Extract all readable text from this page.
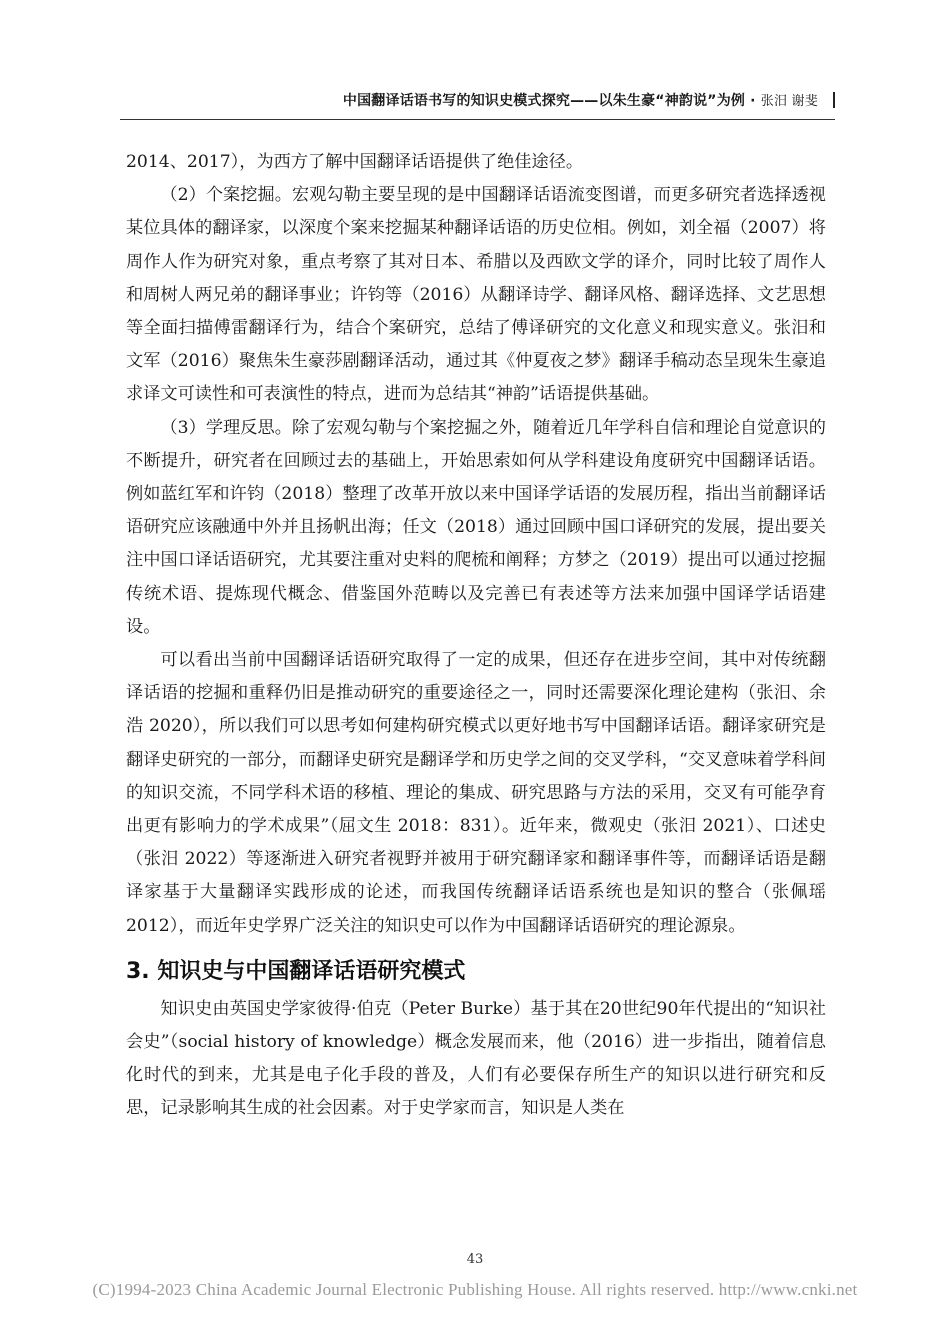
中国翻译话语书写的知识史模式探究——以朱生豪“神韵说”为例 · 张汨 谢斐

2014、2017），为西方了解中国翻译话语提供了绝佳途径。

（2）个案挖掘。宏观勾勒主要呈现的是中国翻译话语流变图谱，而更多研究者选择透视某位具体的翻译家，以深度个案来挖掘某种翻译话语的历史位相。例如，刘全福（2007）将周作人作为研究对象，重点考察了其对日本、希腊以及西欧文学的译介，同时比较了周作人和周树人两兄弟的翻译事业；许钧等（2016）从翻译诗学、翻译风格、翻译选择、文艺思想等全面扫描傅雷翻译行为，结合个案研究，总结了傅译研究的文化意义和现实意义。张汨和文军（2016）聚焦朱生豪莎剧翻译活动，通过其《仲夏夜之梦》翻译手稿动态呈现朱生豪追求译文可读性和可表演性的特点，进而为总结其“神韵”话语提供基础。

（3）学理反思。除了宏观勾勒与个案挖掘之外，随着近几年学科自信和理论自觉意识的不断提升，研究者在回顾过去的基础上，开始思索如何从学科建设角度研究中国翻译话语。例如蓝红军和许钧（2018）整理了改革开放以来中国译学话语的发展历程，指出当前翻译话语研究应该融通中外并且扬帆出海；任文（2018）通过回顾中国口译研究的发展，提出要关注中国口译话语研究，尤其要注重对史料的爬梳和阐释；方梦之（2019）提出可以通过挖掘传统术语、提炼现代概念、借鉴国外范畴以及完善已有表述等方法来加强中国译学话语建设。

可以看出当前中国翻译话语研究取得了一定的成果，但还存在进步空间，其中对传统翻译话语的挖掘和重释仍旧是推动研究的重要途径之一，同时还需要深化理论建构（张汨、余浩 2020），所以我们可以思考如何建构研究模式以更好地书写中国翻译话语。翻译家研究是翻译史研究的一部分，而翻译史研究是翻译学和历史学之间的交叉学科，“交叉意味着学科间的知识交流，不同学科术语的移植、理论的集成、研究思路与方法的采用，交叉有可能孕育出更有影响力的学术成果”（屈文生 2018：831）。近年来，微观史（张汨 2021）、口述史（张汨 2022）等逐渐进入研究者视野并被用于研究翻译家和翻译事件等，而翻译话语是翻译家基于大量翻译实践形成的论述，而我国传统翻译话语系统也是知识的整合（张佩瑶 2012），而近年史学界广泛关注的知识史可以作为中国翻译话语研究的理论源泉。

3. 知识史与中国翻译话语研究模式

知识史由英国史学家彼得·伯克（Peter Burke）基于其在20世纪90年代提出的“知识社会史”（social history of knowledge）概念发展而来，他（2016）进一步指出，随着信息化时代的到来，尤其是电子化手段的普及，人们有必要保存所生产的知识以进行研究和反思，记录影响其生成的社会因素。对于史学家而言，知识是人类在

43
(C)1994-2023 China Academic Journal Electronic Publishing House. All rights reserved. http://www.cnki.net
